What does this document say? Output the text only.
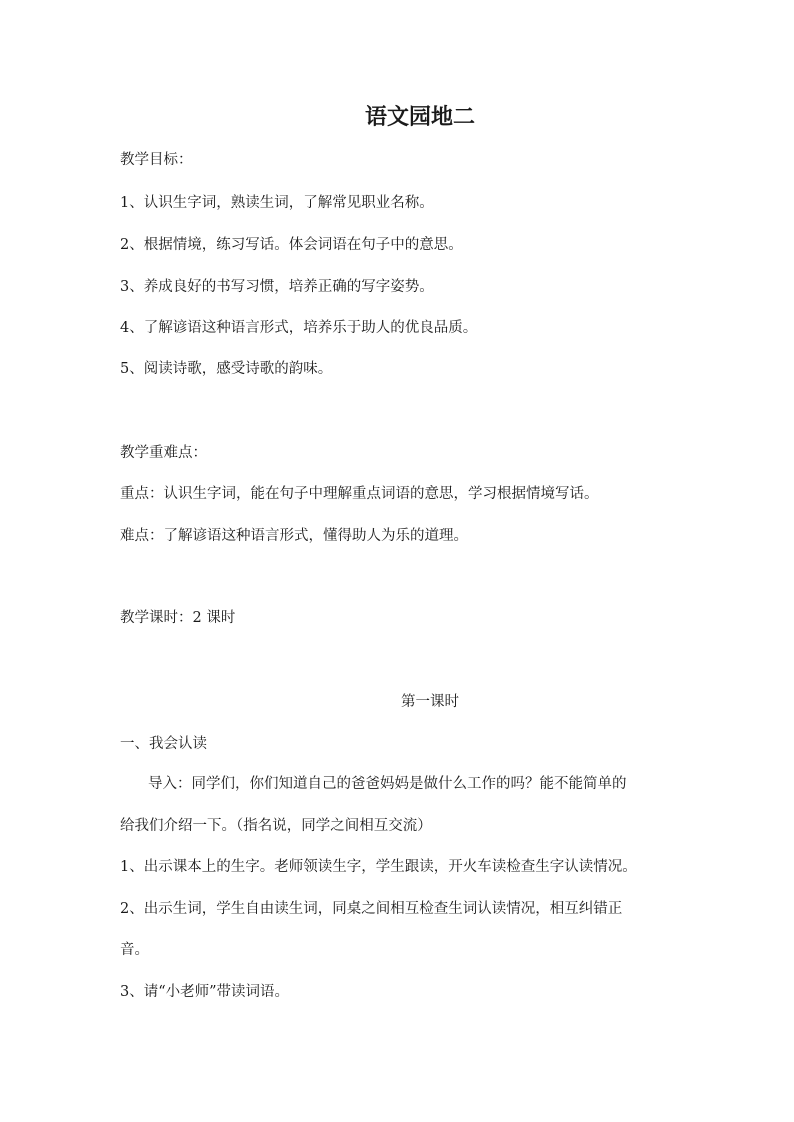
语文园地二
教学目标：
1、认识生字词，熟读生词，了解常见职业名称。
2、根据情境，练习写话。体会词语在句子中的意思。
3、养成良好的书写习惯，培养正确的写字姿势。
4、了解谚语这种语言形式，培养乐于助人的优良品质。
5、阅读诗歌，感受诗歌的韵味。
教学重难点：
重点：认识生字词，能在句子中理解重点词语的意思，学习根据情境写话。
难点：了解谚语这种语言形式，懂得助人为乐的道理。
教学课时：2 课时
第一课时
一、我会认读
导入：同学们，你们知道自己的爸爸妈妈是做什么工作的吗？能不能简单的
给我们介绍一下。（指名说，同学之间相互交流）
1、出示课本上的生字。老师领读生字，学生跟读，开火车读检查生字认读情况。
2、出示生词，学生自由读生词，同桌之间相互检查生词认读情况，相互纠错正
音。
3、请“小老师”带读词语。
